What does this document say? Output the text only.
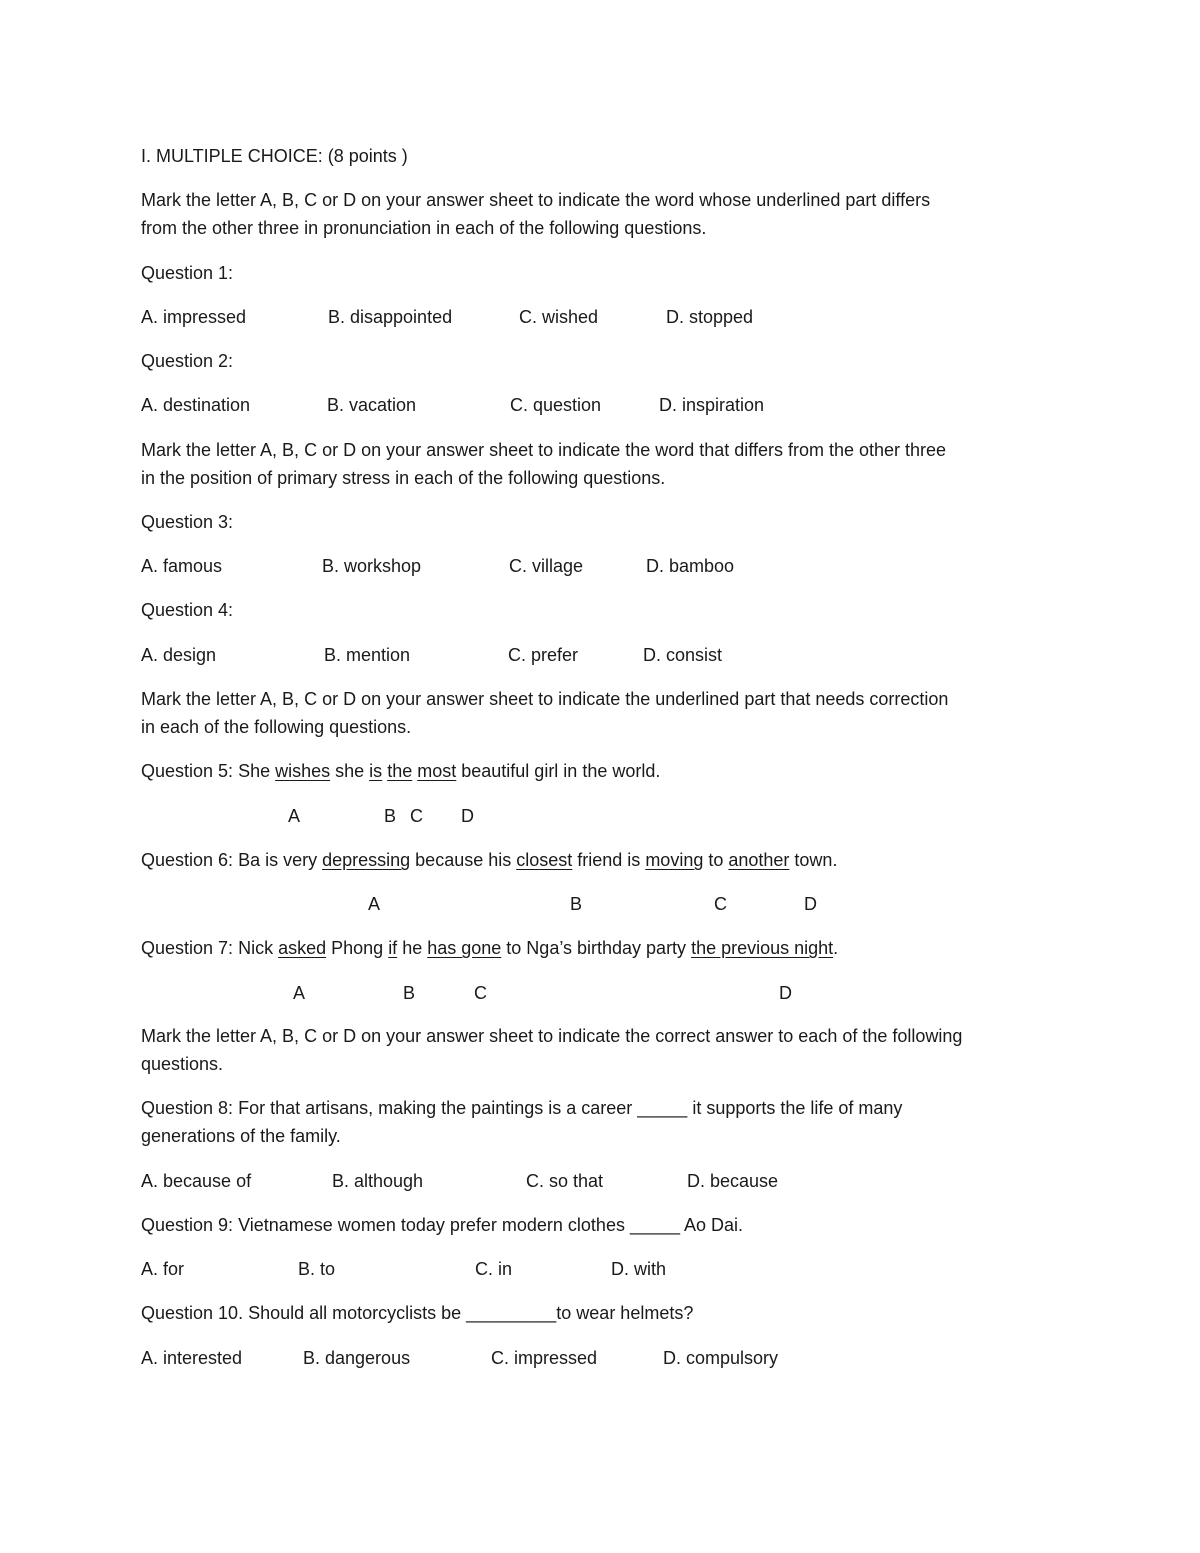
I. MULTIPLE CHOICE: (8 points )
Mark the letter A, B, C or D on your answer sheet to indicate the word whose underlined part differs
from the other three in pronunciation in each of the following questions.
Question 1:
A. impressed	B. disappointed	C. wished	D. stopped
Question 2:
A. destination	B. vacation	C. question	D. inspiration
Mark the letter A, B, C or D on your answer sheet to indicate the word that differs from the other three
in the position of primary stress in each of the following questions.
Question 3:
A. famous	B. workshop	C. village	D. bamboo
Question 4:
A. design	B. mention	C. prefer	D. consist
Mark the letter A, B, C or D on your answer sheet to indicate the underlined part that needs correction
in each of the following questions.
Question 5: She wishes she is the most beautiful girl in the world.
A	B C D
Question 6: Ba is very depressing because his closest friend is moving to another town.
A	B	C	D
Question 7: Nick asked Phong if he has gone to Nga’s birthday party the previous night.
A	B	C	D
Mark the letter A, B, C or D on your answer sheet to indicate the correct answer to each of the following
questions.
Question 8: For that artisans, making the paintings is a career _____ it supports the life of many
generations of the family.
A. because of	B. although	C. so that	D. because
Question 9: Vietnamese women today prefer modern clothes _____ Ao Dai.
A. for	B. to	C. in	D. with
Question 10. Should all motorcyclists be _________to wear helmets?
A. interested	B. dangerous	C. impressed	D. compulsory
